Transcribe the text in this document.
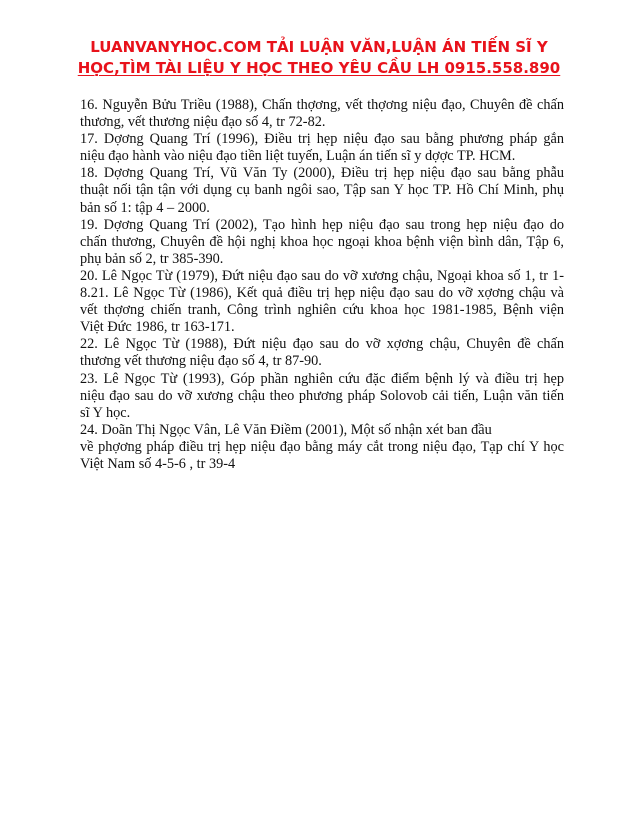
LUANVANYHOC.COM TẢI LUẬN VĂN,LUẬN ÁN TIẾN SĨ Y
HỌC,TÌM TÀI LIỆU Y HỌC THEO YÊU CẦU LH 0915.558.890
16. Nguyễn Bửu Triều (1988), Chấn thợơng, vết thợơng niệu đạo, Chuyên đề chấn
thương, vết thương niệu đạo số 4, tr 72-82.
17. Dợơng Quang Trí (1996), Điều trị hẹp niệu đạo sau bằng phương pháp gắn
niệu đạo hành vào niệu đạo tiền liệt tuyến, Luận án tiến sĩ y dợợc TP. HCM.
18. Dợơng Quang Trí, Vũ Văn Ty (2000), Điều trị hẹp niệu đạo sau bằng phẫu
thuật nối tận tận với dụng cụ banh ngôi sao, Tập san Y học TP. Hồ Chí Minh, phụ
bản số 1: tập 4 – 2000.
19. Dợơng Quang Trí (2002), Tạo hình hẹp niệu đạo sau trong hẹp niệu đạo do
chấn thương, Chuyên đề hội nghị khoa học ngoại khoa bệnh viện bình dân, Tập 6,
phụ bản số 2, tr 385-390.
20. Lê Ngọc Từ (1979), Đứt niệu đạo sau do vỡ xương chậu, Ngoại khoa số 1, tr 1-
8.21. Lê Ngọc Từ (1986), Kết quả điều trị hẹp niệu đạo sau do vỡ xợơng chậu và
vết thợơng chiến tranh, Công trình nghiên cứu khoa học 1981-1985, Bệnh viện
Việt Đức 1986, tr 163-171.
22. Lê Ngọc Từ (1988), Đứt niệu đạo sau do vỡ xợơng chậu, Chuyên đề chấn
thương vết thương niệu đạo số 4, tr 87-90.
23. Lê Ngọc Từ (1993), Góp phần nghiên cứu đặc điểm bệnh lý và điều trị hẹp
niệu đạo sau do vỡ xương chậu theo phương pháp Solovob cải tiến, Luận văn tiến
sĩ Y học.
24. Doãn Thị Ngọc Vân, Lê Văn Điềm (2001), Một số nhận xét ban đầu
về phợơng pháp điều trị hẹp niệu đạo bằng máy cắt trong niệu đạo, Tạp chí Y học
Việt Nam số 4-5-6 , tr 39-4
